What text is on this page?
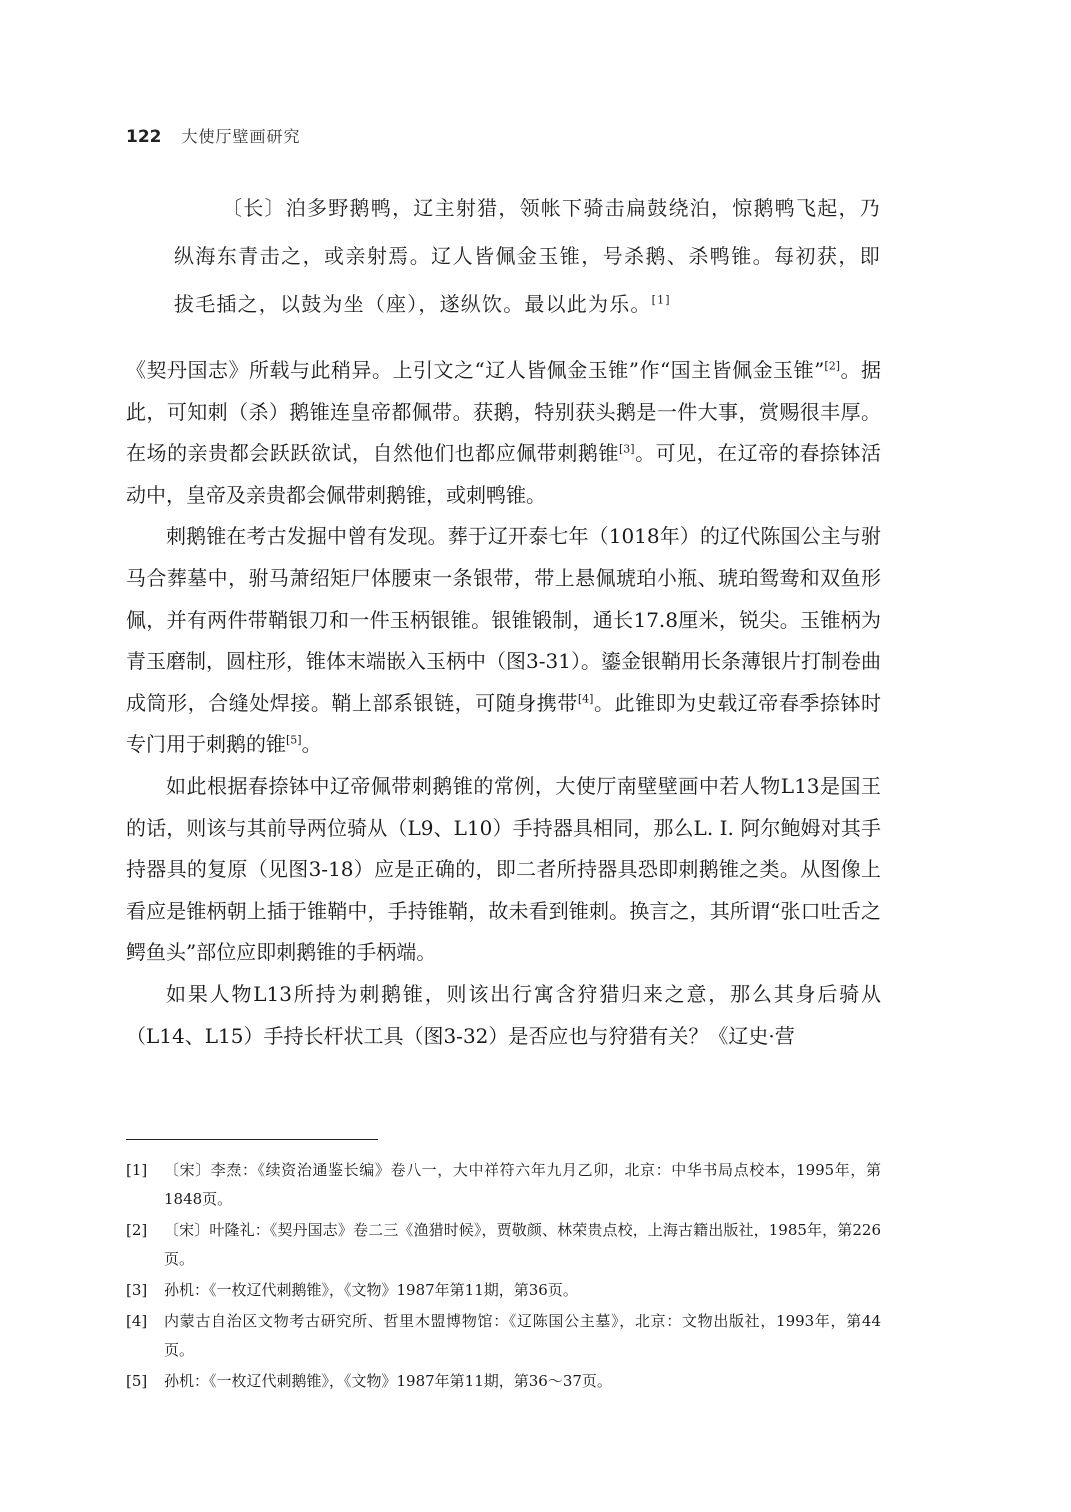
122 大使厅壁画研究
〔长〕泊多野鹅鸭，辽主射猎，领帐下骑击扁鼓绕泊，惊鹅鸭飞起，乃纵海东青击之，或亲射焉。辽人皆佩金玉锥，号杀鹅、杀鸭锥。每初获，即拔毛插之，以鼓为坐（座），遂纵饮。最以此为乐。[1]

《契丹国志》所载与此稍异。上引文之“辽人皆佩金玉锥”作“国主皆佩金玉锥”[2]。据此，可知刺（杀）鹅锥连皇帝都佩带。获鹅，特别获头鹅是一件大事，赏赐很丰厚。在场的亲贵都会跃跃欲试，自然他们也都应佩带刺鹅锥[3]。可见，在辽帝的春捺钵活动中，皇帝及亲贵都会佩带刺鹅锥，或刺鸭锥。

刺鹅锥在考古发掘中曾有发现。葬于辽开泰七年（1018年）的辽代陈国公主与驸马合葬墓中，驸马萧绍矩尸体腰束一条银带，带上悬佩琥珀小瓶、琥珀鸳鸯和双鱼形佩，并有两件带鞘银刀和一件玉柄银锥。银锥锻制，通长17.8厘米，锐尖。玉锥柄为青玉磨制，圆柱形，锥体末端嵌入玉柄中（图3-31）。鎏金银鞘用长条薄银片打制卷曲成筒形，合缝处焊接。鞘上部系银链，可随身携带[4]。此锥即为史载辽帝春季捺钵时专门用于刺鹅的锥[5]。

如此根据春捺钵中辽帝佩带刺鹅锥的常例，大使厅南壁壁画中若人物L13是国王的话，则该与其前导两位骑从（L9、L10）手持器具相同，那么L. I. 阿尔鲍姆对其手持器具的复原（见图3-18）应是正确的，即二者所持器具恐即刺鹅锥之类。从图像上看应是锥柄朝上插于锥鞘中，手持锥鞘，故未看到锥刺。换言之，其所谓“张口吐舌之鳄鱼头”部位应即刺鹅锥的手柄端。

如果人物L13所持为刺鹅锥，则该出行寓含狩猎归来之意，那么其身后骑从（L14、L15）手持长杆状工具（图3-32）是否应也与狩猎有关？《辽史·营

[1]	〔宋〕李焘：《续资治通鉴长编》卷八一，大中祥符六年九月乙卯，北京：中华书局点校本，1995年，第1848页。
[2]	〔宋〕叶隆礼：《契丹国志》卷二三《渔猎时候》，贾敬颜、林荣贵点校，上海古籍出版社，1985年，第226页。
[3]	孙机：《一枚辽代刺鹅锥》，《文物》1987年第11期，第36页。
[4]	内蒙古自治区文物考古研究所、哲里木盟博物馆：《辽陈国公主墓》，北京：文物出版社，1993年，第44页。
[5]	孙机：《一枚辽代刺鹅锥》，《文物》1987年第11期，第36～37页。
